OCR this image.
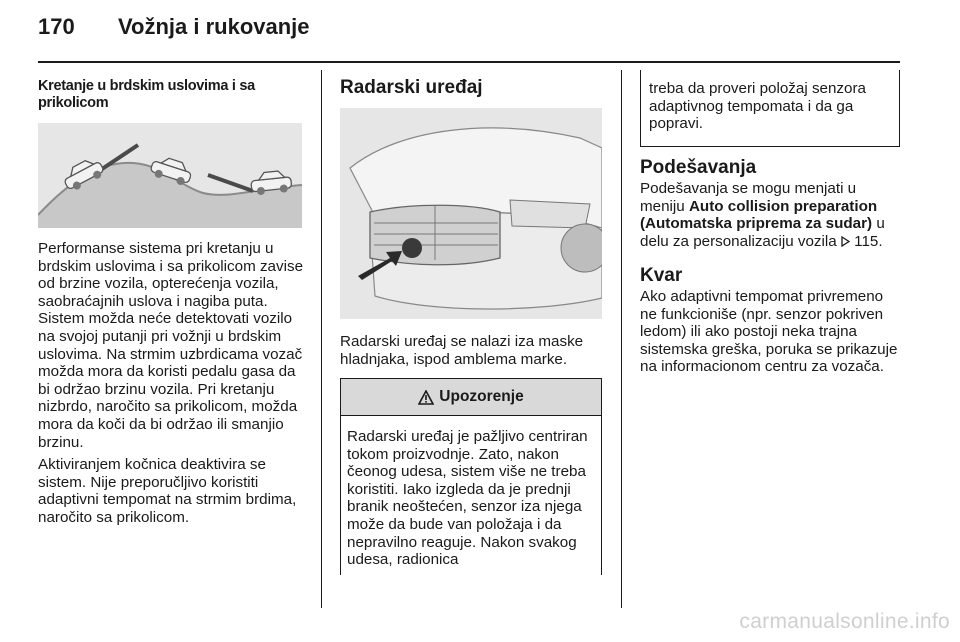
170 Vožnja i rukovanje
Kretanje u brdskim uslovima i sa prikolicom

Performanse sistema pri kretanju u brdskim uslovima i sa prikolicom zavise od brzine vozila, opterećenja vozila, saobraćajnih uslova i nagiba puta. Sistem možda neće detektovati vozilo na svojoj putanji pri vožnji u brdskim uslovima. Na strmim uzbrdicama vozač možda mora da koristi pedalu gasa da bi održao brzinu vozila. Pri kretanju nizbrdo, naročito sa prikolicom, možda mora da koči da bi održao ili smanjio brzinu.

Aktiviranjem kočnica deaktivira se sistem. Nije preporučljivo koristiti adaptivni tempomat na strmim brdima, naročito sa prikolicom.

Radarski uređaj
Radarski uređaj se nalazi iza maske hladnjaka, ispod amblema marke.
Upozorenje
Radarski uređaj je pažljivo centriran tokom proizvodnje. Zato, nakon čeonog udesa, sistem više ne treba koristiti. Iako izgleda da je prednji branik neoštećen, senzor iza njega može da bude van položaja i da nepravilno reaguje. Nakon svakog udesa, radionica
treba da proveri položaj senzora adaptivnog tempomata i da ga popravi.
Podešavanja
Podešavanja se mogu menjati u meniju Auto collision preparation (Automatska priprema za sudar) u delu za personalizaciju vozila  115.
Kvar
Ako adaptivni tempomat privremeno ne funkcioniše (npr. senzor pokriven ledom) ili ako postoji neka trajna sistemska greška, poruka se prikazuje na informacionom centru za vozača.
carmanualsonline.info
